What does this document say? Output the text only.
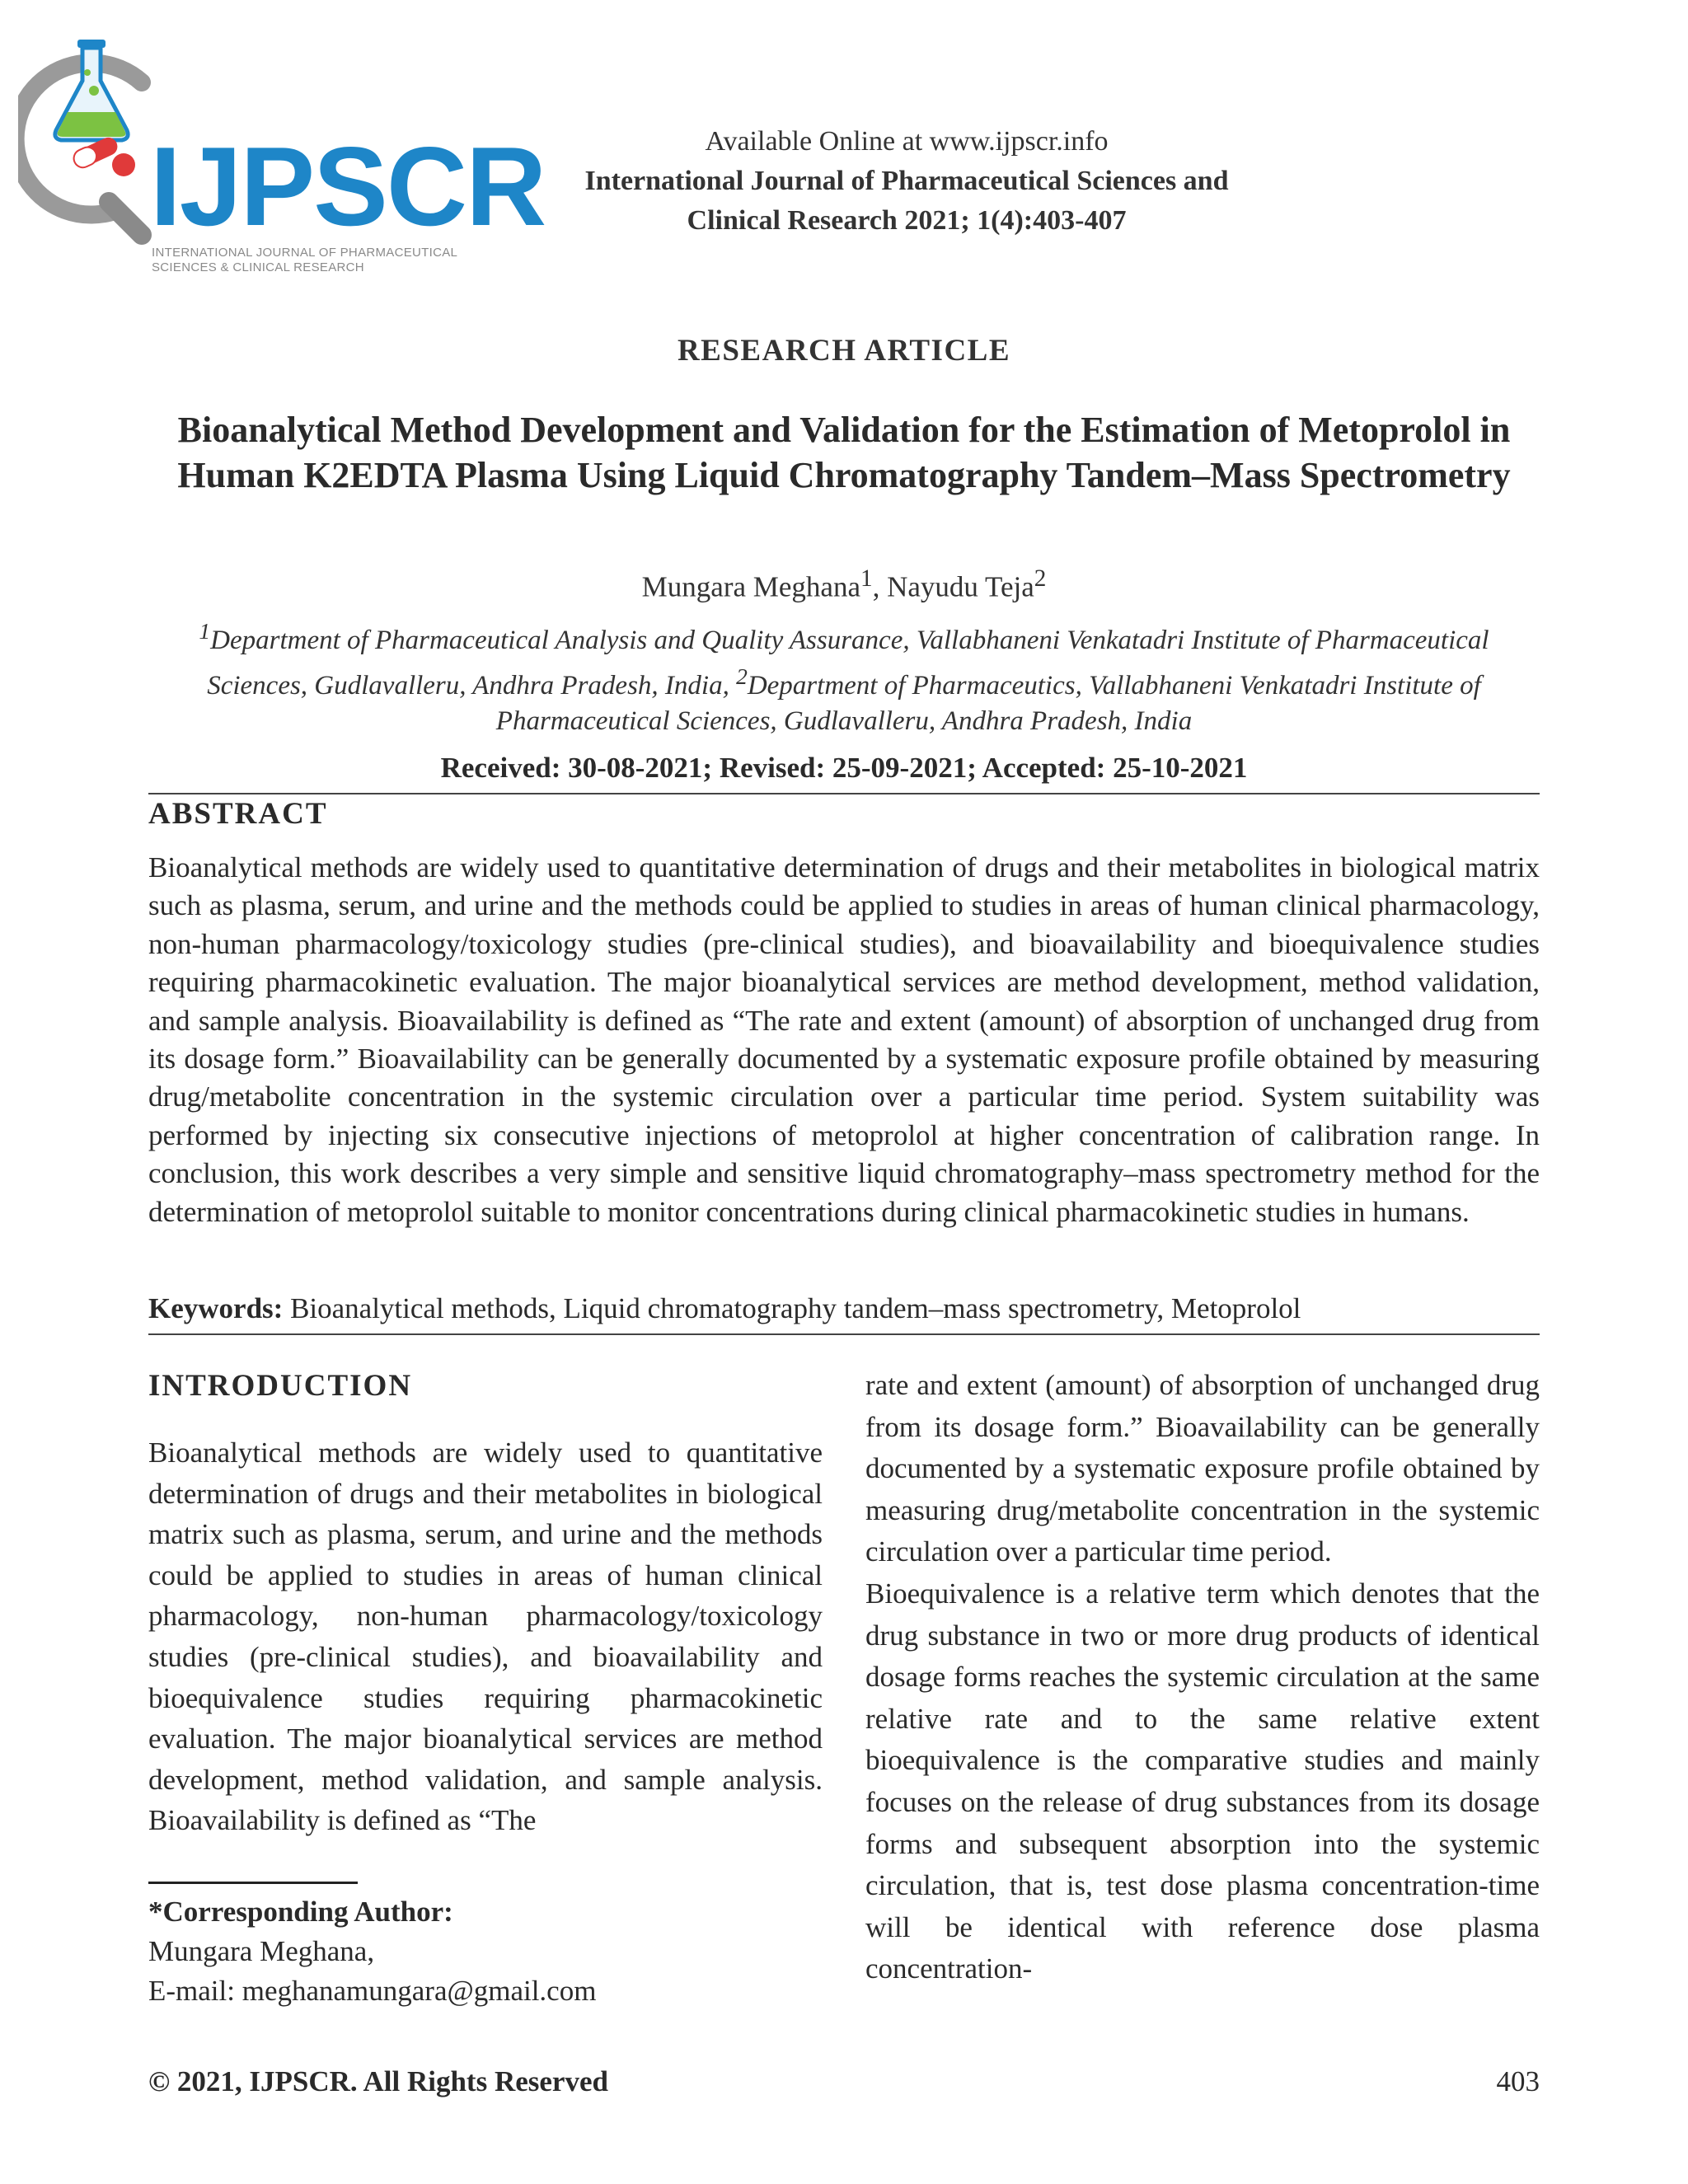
IJPSCR
INTERNATIONAL JOURNAL OF PHARMACEUTICAL
SCIENCES & CLINICAL RESEARCH
Available Online at www.ijpscr.info
International Journal of Pharmaceutical Sciences and
Clinical Research 2021; 1(4):403-407
RESEARCH ARTICLE
Bioanalytical Method Development and Validation for the Estimation of Metoprolol in Human K2EDTA Plasma Using Liquid Chromatography Tandem–Mass Spectrometry
Mungara Meghana$^1$, Nayudu Teja$^2$
$^1$Department of Pharmaceutical Analysis and Quality Assurance, Vallabhaneni Venkatadri Institute of Pharmaceutical Sciences, Gudlavalleru, Andhra Pradesh, India, $^2$Department of Pharmaceutics, Vallabhaneni Venkatadri Institute of Pharmaceutical Sciences, Gudlavalleru, Andhra Pradesh, India
Received: 30-08-2021; Revised: 25-09-2021; Accepted: 25-10-2021
ABSTRACT

Bioanalytical methods are widely used to quantitative determination of drugs and their metabolites in biological matrix such as plasma, serum, and urine and the methods could be applied to studies in areas of human clinical pharmacology, non-human pharmacology/toxicology studies (pre-clinical studies), and bioavailability and bioequivalence studies requiring pharmacokinetic evaluation. The major bioanalytical services are method development, method validation, and sample analysis. Bioavailability is defined as “The rate and extent (amount) of absorption of unchanged drug from its dosage form.” Bioavailability can be generally documented by a systematic exposure profile obtained by measuring drug/metabolite concentration in the systemic circulation over a particular time period. System suitability was performed by injecting six consecutive injections of metoprolol at higher concentration of calibration range. In conclusion, this work describes a very simple and sensitive liquid chromatography–mass spectrometry method for the determination of metoprolol suitable to monitor concentrations during clinical pharmacokinetic studies in humans.

Keywords: Bioanalytical methods, Liquid chromatography tandem–mass spectrometry, Metoprolol
INTRODUCTION

Bioanalytical methods are widely used to quantitative determination of drugs and their metabolites in biological matrix such as plasma, serum, and urine and the methods could be applied to studies in areas of human clinical pharmacology, non-human pharmacology/toxicology studies (pre-clinical studies), and bioavailability and bioequivalence studies requiring pharmacokinetic evaluation. The major bioanalytical services are method development, method validation, and sample analysis. Bioavailability is defined as “The

rate and extent (amount) of absorption of unchanged drug from its dosage form.” Bioavailability can be generally documented by a systematic exposure profile obtained by measuring drug/metabolite concentration in the systemic circulation over a particular time period.

Bioequivalence is a relative term which denotes that the drug substance in two or more drug products of identical dosage forms reaches the systemic circulation at the same relative rate and to the same relative extent bioequivalence is the comparative studies and mainly focuses on the release of drug substances from its dosage forms and subsequent absorption into the systemic circulation, that is, test dose plasma concentration-time will be identical with reference dose plasma concentration-

*Corresponding Author:
Mungara Meghana,
E-mail: meghanamungara@gmail.com
© 2021, IJPSCR. All Rights Reserved	403
